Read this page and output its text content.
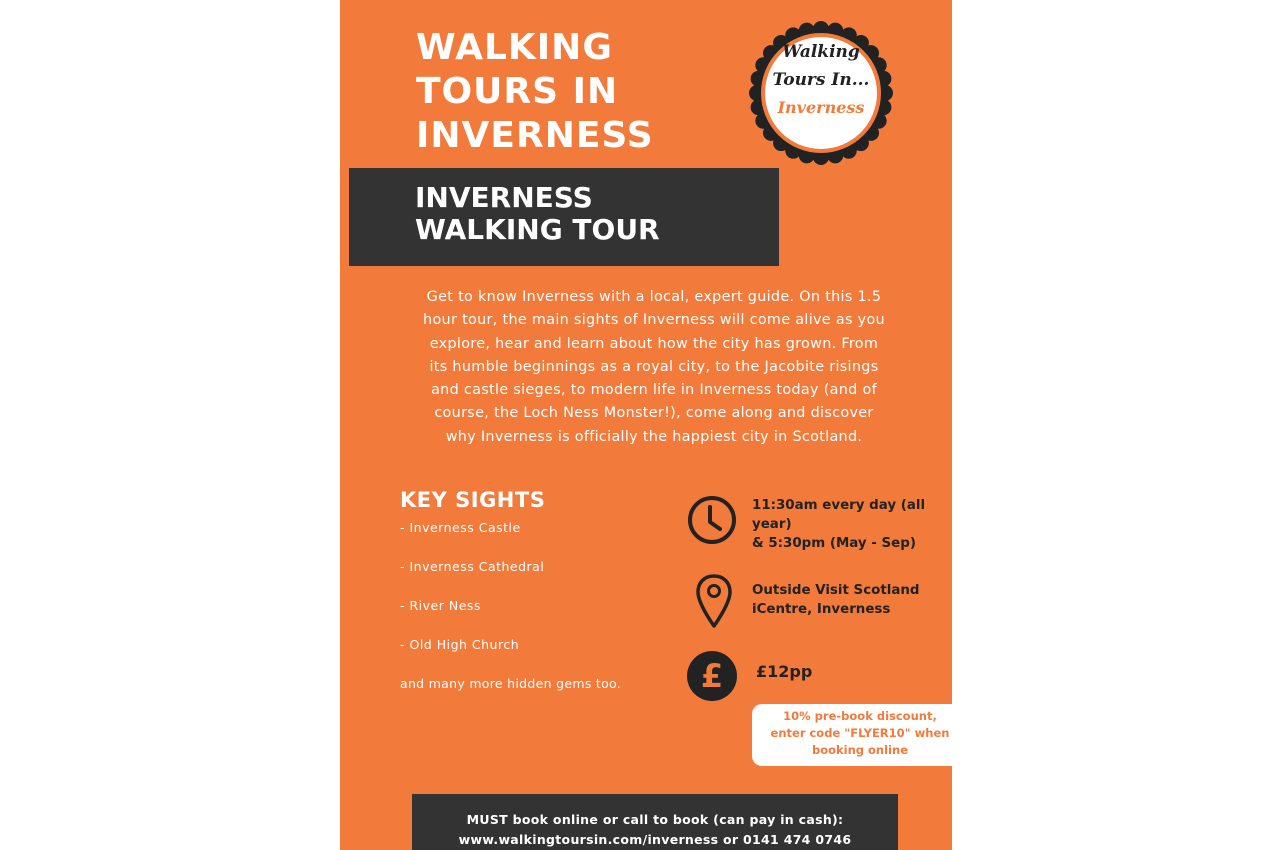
WALKING
TOURS IN
INVERNESS
Walking
Tours In...
Inverness
INVERNESS
WALKING TOUR
Get to know Inverness with a local, expert guide. On this 1.5
hour tour, the main sights of Inverness will come alive as you
explore, hear and learn about how the city has grown. From
its humble beginnings as a royal city, to the Jacobite risings
and castle sieges, to modern life in Inverness today (and of
course, the Loch Ness Monster!), come along and discover
why Inverness is officially the happiest city in Scotland.
KEY SIGHTS
- Inverness Castle
- Inverness Cathedral
- River Ness
- Old High Church
and many more hidden gems too.
11:30am every day (all year)
& 5:30pm (May - Sep)
Outside Visit Scotland
iCentre, Inverness
£ £12pp
10% pre-book discount,
enter code "FLYER10" when
booking online
MUST book online or call to book (can pay in cash):
www.walkingtoursin.com/inverness or 0141 474 0746
